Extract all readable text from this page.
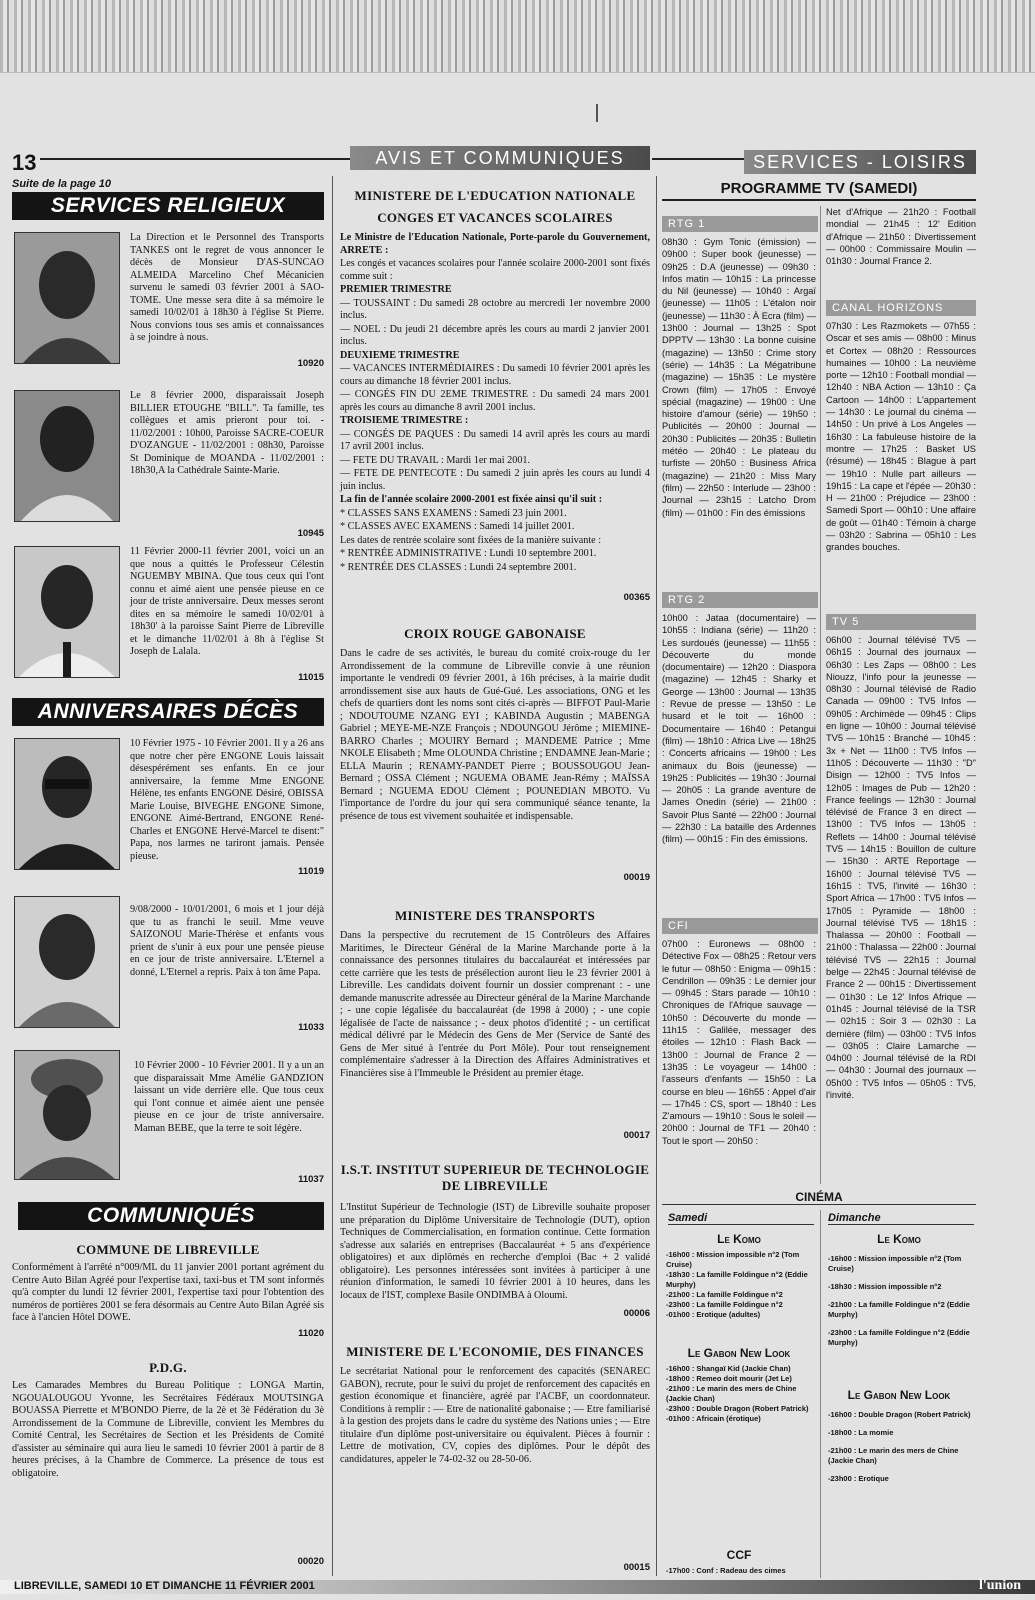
13
Suite de la page 10
AVIS ET COMMUNIQUES	SERVICES - LOISIRS
SERVICES RELIGIEUX
La Direction et le Personnel des Transports TANKES ont le regret de vous annoncer le décès de Monsieur D'AS-SUNCAO ALMEIDA Marcelino Chef Mécanicien survenu le samedi 03 février 2001 à SAO-TOME. Une messe sera dite à sa mémoire le samedi 10/02/01 à 18h30 à l'église St Pierre. Nous convions tous ses amis et connaissances à se joindre à nous.
10920
Le 8 février 2000, disparaissait Joseph BILLIER ETOUGHE "BILL". Ta famille, tes collègues et amis prieront pour toi. - 11/02/2001 : 10h00, Paroisse SACRE-COEUR D'OZANGUE - 11/02/2001 : 08h30, Paroisse St Dominique de MOANDA - 11/02/2001 : 18h30,A la Cathédrale Sainte-Marie.
10945
11 Février 2000-11 février 2001, voici un an que nous a quittés le Professeur Célestin NGUEMBY MBINA. Que tous ceux qui l'ont connu et aimé aient une pensée pieuse en ce jour de triste anniversaire. Deux messes seront dites en sa mémoire le samedi 10/02/01 à 18h30' à la paroisse Saint Pierre de Libreville et le dimanche 11/02/01 à 8h à l'église St Joseph de Lalala.
11015
ANNIVERSAIRES DÉCÈS
10 Février 1975 - 10 Février 2001. Il y a 26 ans que notre cher père ENGONE Louis laissait désespérément ses enfants. En ce jour anniversaire, la femme Mme ENGONE Hélène, tes enfants ENGONE Désiré, OBISSA Marie Louise, BIVEGHE ENGONE Simone, ENGONE Aimé-Bertrand, ENGONE René-Charles et ENGONE Hervé-Marcel te disent:" Papa, nos larmes ne tariront jamais. Pensée pieuse.
11019
9/08/2000 - 10/01/2001, 6 mois et 1 jour déjà que tu as franchi le seuil. Mme veuve SAIZONOU Marie-Thérèse et enfants vous prient de s'unir à eux pour une pensée pieuse en ce jour de triste anniversaire. L'Eternel a donné, L'Eternel a repris. Paix à ton âme Papa.
11033
10 Février 2000 - 10 Février 2001. Il y a un an que disparaissait Mme Amélie GANDZION laissant un vide derrière elle. Que tous ceux qui l'ont connue et aimée aient une pensée pieuse en ce jour de triste anniversaire. Maman BEBE, que la terre te soit légère.
11037
COMMUNIQUÉS
COMMUNE DE LIBREVILLE
Conformément à l'arrêté n°009/ML du 11 janvier 2001 portant agrément du Centre Auto Bilan Agréé pour l'expertise taxi, taxi-bus et TM sont informés qu'à compter du lundi 12 février 2001, l'expertise taxi pour l'obtention des numéros de portières 2001 se fera désormais au Centre Auto Bilan Agréé sis face à l'ancien Hôtel DOWE.
11020
P.D.G.
Les Camarades Membres du Bureau Politique : LONGA Martin, NGOUALOUGOU Yvonne, les Secrétaires Fédéraux MOUTSINGA BOUASSA Pierrette et M'BONDO Pierre, de la 2è et 3è Fédération du 3è Arrondissement de la Commune de Libreville, convient les Membres du Comité Central, les Secrétaires de Section et les Présidents de Comité d'assister au séminaire qui aura lieu le samedi 10 février 2001 à partir de 8 heures précises, à la Chambre de Commerce. La présence de tous est obligatoire.
00020
MINISTERE DE L'EDUCATION NATIONALE
CONGES ET VACANCES SCOLAIRES

Le Ministre de l'Education Nationale, Porte-parole du Gouvernement, ARRETE :

Les congés et vacances scolaires pour l'année scolaire 2000-2001 sont fixés comme suit :

PREMIER TRIMESTRE

— TOUSSAINT : Du samedi 28 octobre au mercredi 1er novembre 2000 inclus.

— NOEL : Du jeudi 21 décembre après les cours au mardi 2 janvier 2001 inclus.

DEUXIEME TRIMESTRE

— VACANCES INTERMÉDIAIRES : Du samedi 10 février 2001 après les cours au dimanche 18 février 2001 inclus.

— CONGÉS FIN DU 2EME TRIMESTRE : Du samedi 24 mars 2001 après les cours au dimanche 8 avril 2001 inclus.

TROISIEME TRIMESTRE :

— CONGÉS DE PAQUES : Du samedi 14 avril après les cours au mardi 17 avril 2001 inclus.

— FETE DU TRAVAIL : Mardi 1er mai 2001.

— FETE DE PENTECOTE : Du samedi 2 juin après les cours au lundi 4 juin inclus.

La fin de l'année scolaire 2000-2001 est fixée ainsi qu'il suit :

* CLASSES SANS EXAMENS : Samedi 23 juin 2001.

* CLASSES AVEC EXAMENS : Samedi 14 juillet 2001.

Les dates de rentrée scolaire sont fixées de la manière suivante :

* RENTRÉE ADMINISTRATIVE : Lundi 10 septembre 2001.

* RENTRÉE DES CLASSES : Lundi 24 septembre 2001.

00365
CROIX ROUGE GABONAISE
Dans le cadre de ses activités, le bureau du comité croix-rouge du 1er Arrondissement de la commune de Libreville convie à une réunion importante le vendredi 09 février 2001, à 16h précises, à la mairie dudit arrondissement sise aux hauts de Gué-Gué. Les associations, ONG et les chefs de quartiers dont les noms sont cités ci-après — BIFFOT Paul-Marie ; NDOUTOUME NZANG EYI ; KABINDA Augustin ; MABENGA Gabriel ; MEYE-ME-NZE François ; NDOUNGOU Jérôme ; MIEMINE-BARRO Charles ; MOUIRY Bernard ; MANDEME Patrice ; Mme NKOLE Elisabeth ; Mme OLOUNDA Christine ; ENDAMNE Jean-Marie ; ELLA Maurin ; RENAMY-PANDET Pierre ; BOUSSOUGOU Jean-Bernard ; OSSA Clément ; NGUEMA OBAME Jean-Rémy ; MAÏSSA Bernard ; NGUEMA EDOU Clément ; POUNEDIAN MBOTO. Vu l'importance de l'ordre du jour qui sera communiqué séance tenante, la présence de tous est vivement souhaitée et indispensable.
00019
MINISTERE DES TRANSPORTS
Dans la perspective du recrutement de 15 Contrôleurs des Affaires Maritimes, le Directeur Général de la Marine Marchande porte à la connaissance des personnes titulaires du baccalauréat et intéressées par cette carrière que les tests de présélection auront lieu le 23 février 2001 à Libreville. Les candidats doivent fournir un dossier comprenant : - une demande manuscrite adressée au Directeur général de la Marine Marchande ; - une copie légalisée du baccalauréat (de 1998 à 2000) ; - une copie légalisée de l'acte de naissance ; - deux photos d'identité ; - un certificat médical délivré par le Médecin des Gens de Mer (Service de Santé des Gens de Mer situé à l'entrée du Port Môle). Pour tout renseignement complémentaire s'adresser à la Direction des Affaires Administratives et Financières sise à l'Immeuble le Président au premier étage.
00017
I.S.T. INSTITUT SUPERIEUR DE TECHNOLOGIE DE LIBREVILLE
L'Institut Supérieur de Technologie (IST) de Libreville souhaite proposer une préparation du Diplôme Universitaire de Technologie (DUT), option Techniques de Commercialisation, en formation continue. Cette formation s'adresse aux salariés en entreprises (Baccalauréat + 5 ans d'expérience obligatoires) et aux diplômés en recherche d'emploi (Bac + 2 validé obligatoire). Les personnes intéressées sont invitées à participer à une réunion d'information, le samedi 10 février 2001 à 10 heures, dans les locaux de l'IST, complexe Basile ONDIMBA à Oloumi.
00006
MINISTERE DE L'ECONOMIE, DES FINANCES
Le secrétariat National pour le renforcement des capacités (SENAREC GABON), recrute, pour le suivi du projet de renforcement des capacités en gestion économique et financière, agréé par l'ACBF, un coordonnateur. Conditions à remplir : — Etre de nationalité gabonaise ; — Etre familiarisé à la gestion des projets dans le cadre du système des Nations unies ; — Etre titulaire d'un diplôme post-universitaire ou équivalent. Pièces à fournir : Lettre de motivation, CV, copies des diplômes. Pour le dépôt des candidatures, appeler le 74-02-32 ou 28-50-06.
00015
PROGRAMME TV (SAMEDI)
RTG 1
08h30 : Gym Tonic (émission) — 09h00 : Super book (jeunesse) — 09h25 : D.A (jeunesse) — 09h30 : Infos matin — 10h15 : La princesse du Nil (jeunesse) — 10h40 : Argaï (jeunesse) — 11h05 : L'étalon noir (jeunesse) — 11h30 : À Ecra (film) — 13h00 : Journal — 13h25 : Spot DPPTV — 13h30 : La bonne cuisine (magazine) — 13h50 : Crime story (série) — 14h35 : La Mégatribune (magazine) — 15h35 : Le mystère Crown (film) — 17h05 : Envoyé spécial (magazine) — 19h00 : Une histoire d'amour (série) — 19h50 : Publicités — 20h00 : Journal — 20h30 : Publicités — 20h35 : Bulletin météo — 20h40 : Le plateau du turfiste — 20h50 : Business Africa (magazine) — 21h20 : Miss Mary (film) — 22h50 : Interlude — 23h00 : Journal — 23h15 : Latcho Drom (film) — 01h00 : Fin des émissions
RTG 2
10h00 : Jataa (documentaire) — 10h55 : Indiana (série) — 11h20 : Les surdoués (jeunesse) — 11h55 : Découverte du monde (documentaire) — 12h20 : Diaspora (magazine) — 12h45 : Sharky et George — 13h00 : Journal — 13h35 : Revue de presse — 13h50 : Le husard et le toit — 16h00 : Documentaire — 16h40 : Petangui (film) — 18h10 : Africa Live — 18h25 : Concerts africains — 19h00 : Les animaux du Bois (jeunesse) — 19h25 : Publicités — 19h30 : Journal — 20h05 : La grande aventure de James Onedin (série) — 21h00 : Savoir Plus Santé — 22h00 : Journal — 22h30 : La bataille des Ardennes (film) — 00h15 : Fin des émissions.
CFI
07h00 : Euronews — 08h00 : Détective Fox — 08h25 : Retour vers le futur — 08h50 : Enigma — 09h15 : Cendrillon — 09h35 : Le dernier jour — 09h45 : Stars parade — 10h10 : Chroniques de l'Afrique sauvage — 10h50 : Découverte du monde — 11h15 : Galilée, messager des étoiles — 12h10 : Flash Back — 13h00 : Journal de France 2 — 13h35 : Le voyageur — 14h00 : l'asseurs d'enfants — 15h50 : La course en bleu — 16h55 : Appel d'air — 17h45 : CS, sport — 18h40 : Les Z'amours — 19h10 : Sous le soleil — 20h00 : Journal de TF1 — 20h40 : Tout le sport — 20h50 :
Net d'Afrique — 21h20 : Football mondial — 21h45 : 12' Edition d'Afrique — 21h50 : Divertissement — 00h00 : Commissaire Moulin — 01h30 : Journal France 2.
CANAL HORIZONS
07h30 : Les Razmokets — 07h55 : Oscar et ses amis — 08h00 : Minus et Cortex — 08h20 : Ressources humaines — 10h00 : La neuvième porte — 12h10 : Football mondial — 12h40 : NBA Action — 13h10 : Ça Cartoon — 14h00 : L'appartement — 14h30 : Le journal du cinéma — 14h50 : Un privé à Los Angeles — 16h30 : La fabuleuse histoire de la montre — 17h25 : Basket US (résumé) — 18h45 : Blague à part — 19h10 : Nulle part ailleurs — 19h15 : La cape et l'épée — 20h30 : H — 21h00 : Préjudice — 23h00 : Samedi Sport — 00h10 : Une affaire de goût — 01h40 : Témoin à charge — 03h20 : Sabrina — 05h10 : Les grandes bouches.
TV 5
06h00 : Journal télévisé TV5 — 06h15 : Journal des journaux — 06h30 : Les Zaps — 08h00 : Les Niouzz, l'info pour la jeunesse — 08h30 : Journal télévisé de Radio Canada — 09h00 : TV5 Infos — 09h05 : Archimède — 09h45 : Clips en ligne — 10h00 : Journal télévisé TV5 — 10h15 : Branché — 10h45 : 3x + Net — 11h00 : TV5 Infos — 11h05 : Découverte — 11h30 : "D" Disign — 12h00 : TV5 Infos — 12h05 : Images de Pub — 12h20 : France feelings — 12h30 : Journal télévisé de France 3 en direct — 13h00 : TV5 Infos — 13h05 : Reflets — 14h00 : Journal télévisé TV5 — 14h15 : Bouillon de culture — 15h30 : ARTE Reportage — 16h00 : Journal télévisé TV5 — 16h15 : TV5, l'invité — 16h30 : Sport Africa — 17h00 : TV5 Infos — 17h05 : Pyramide — 18h00 : Journal télévisé TV5 — 18h15 : Thalassa — 20h00 : Football — 21h00 : Thalassa — 22h00 : Journal télévisé TV5 — 22h15 : Journal belge — 22h45 : Journal télévisé de France 2 — 00h15 : Divertissement — 01h30 : Le 12' Infos Afrique — 01h45 : Journal télévisé de la TSR — 02h15 : Soir 3 — 02h30 : La dernière (film) — 03h00 : TV5 Infos — 03h05 : Claire Lamarche — 04h00 : Journal télévisé de la RDI — 04h30 : Journal des journaux — 05h00 : TV5 Infos — 05h05 : TV5, l'invité.
CINÉMA
Samedi
Le Komo
-16h00 : Mission impossible n°2 (Tom Cruise)
-18h30 : La famille Foldingue n°2 (Eddie Murphy)
-21h00 : La famille Foldingue n°2
-23h00 : La famille Foldingue n°2
-01h00 : Erotique (adultes)
Le Gabon New Look
-16h00 : Shangaï Kid (Jackie Chan)
-18h00 : Remeo doit mourir (Jet Le)
-21h00 : Le marin des mers de Chine (Jackie Chan)
-23h00 : Double Dragon (Robert Patrick)
-01h00 : Africain (érotique)
CCF
-17h00 : Conf : Radeau des cimes
Dimanche
Le Komo
-16h00 : Mission impossible n°2 (Tom Cruise)
-18h30 : Mission impossible n°2
-21h00 : La famille Foldingue n°2 (Eddie Murphy)
-23h00 : La famille Foldingue n°2 (Eddie Murphy)
Le Gabon New Look
-16h00 : Double Dragon (Robert Patrick)
-18h00 : La momie
-21h00 : Le marin des mers de Chine (Jackie Chan)
-23h00 : Erotique
LIBREVILLE, SAMEDI 10 ET DIMANCHE 11 FÉVRIER 2001	l'union
